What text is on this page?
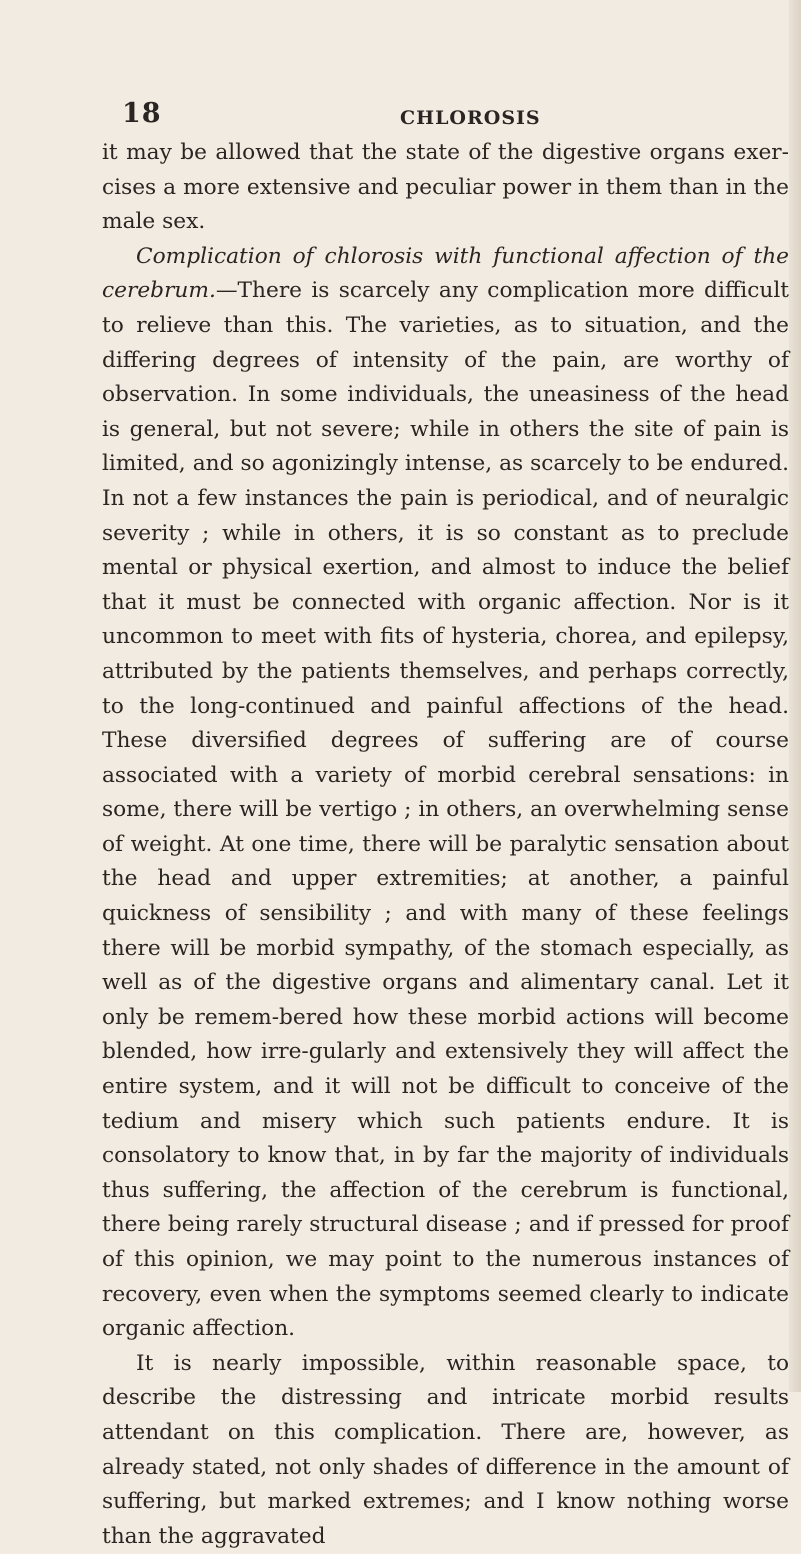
18	CHLOROSIS

it may be allowed that the state of the digestive organs exer-cises a more extensive and peculiar power in them than in the male sex.

Complication of chlorosis with functional affection of the cerebrum.—There is scarcely any complication more difficult to relieve than this. The varieties, as to situation, and the differing degrees of intensity of the pain, are worthy of observation. In some individuals, the uneasiness of the head is general, but not severe; while in others the site of pain is limited, and so agonizingly intense, as scarcely to be endured. In not a few instances the pain is periodical, and of neuralgic severity ; while in others, it is so constant as to preclude mental or physical exertion, and almost to induce the belief that it must be connected with organic affection. Nor is it uncommon to meet with fits of hysteria, chorea, and epilepsy, attributed by the patients themselves, and perhaps correctly, to the long-continued and painful affections of the head. These diversified degrees of suffering are of course associated with a variety of morbid cerebral sensations: in some, there will be vertigo ; in others, an overwhelming sense of weight. At one time, there will be paralytic sensation about the head and upper extremities; at another, a painful quickness of sensibility ; and with many of these feelings there will be morbid sympathy, of the stomach especially, as well as of the digestive organs and alimentary canal. Let it only be remem-bered how these morbid actions will become blended, how irre-gularly and extensively they will affect the entire system, and it will not be difficult to conceive of the tedium and misery which such patients endure. It is consolatory to know that, in by far the majority of individuals thus suffering, the affection of the cerebrum is functional, there being rarely structural disease ; and if pressed for proof of this opinion, we may point to the numerous instances of recovery, even when the symptoms seemed clearly to indicate organic affection.

It is nearly impossible, within reasonable space, to describe the distressing and intricate morbid results attendant on this complication. There are, however, as already stated, not only shades of difference in the amount of suffering, but marked extremes; and I know nothing worse than the aggravated
